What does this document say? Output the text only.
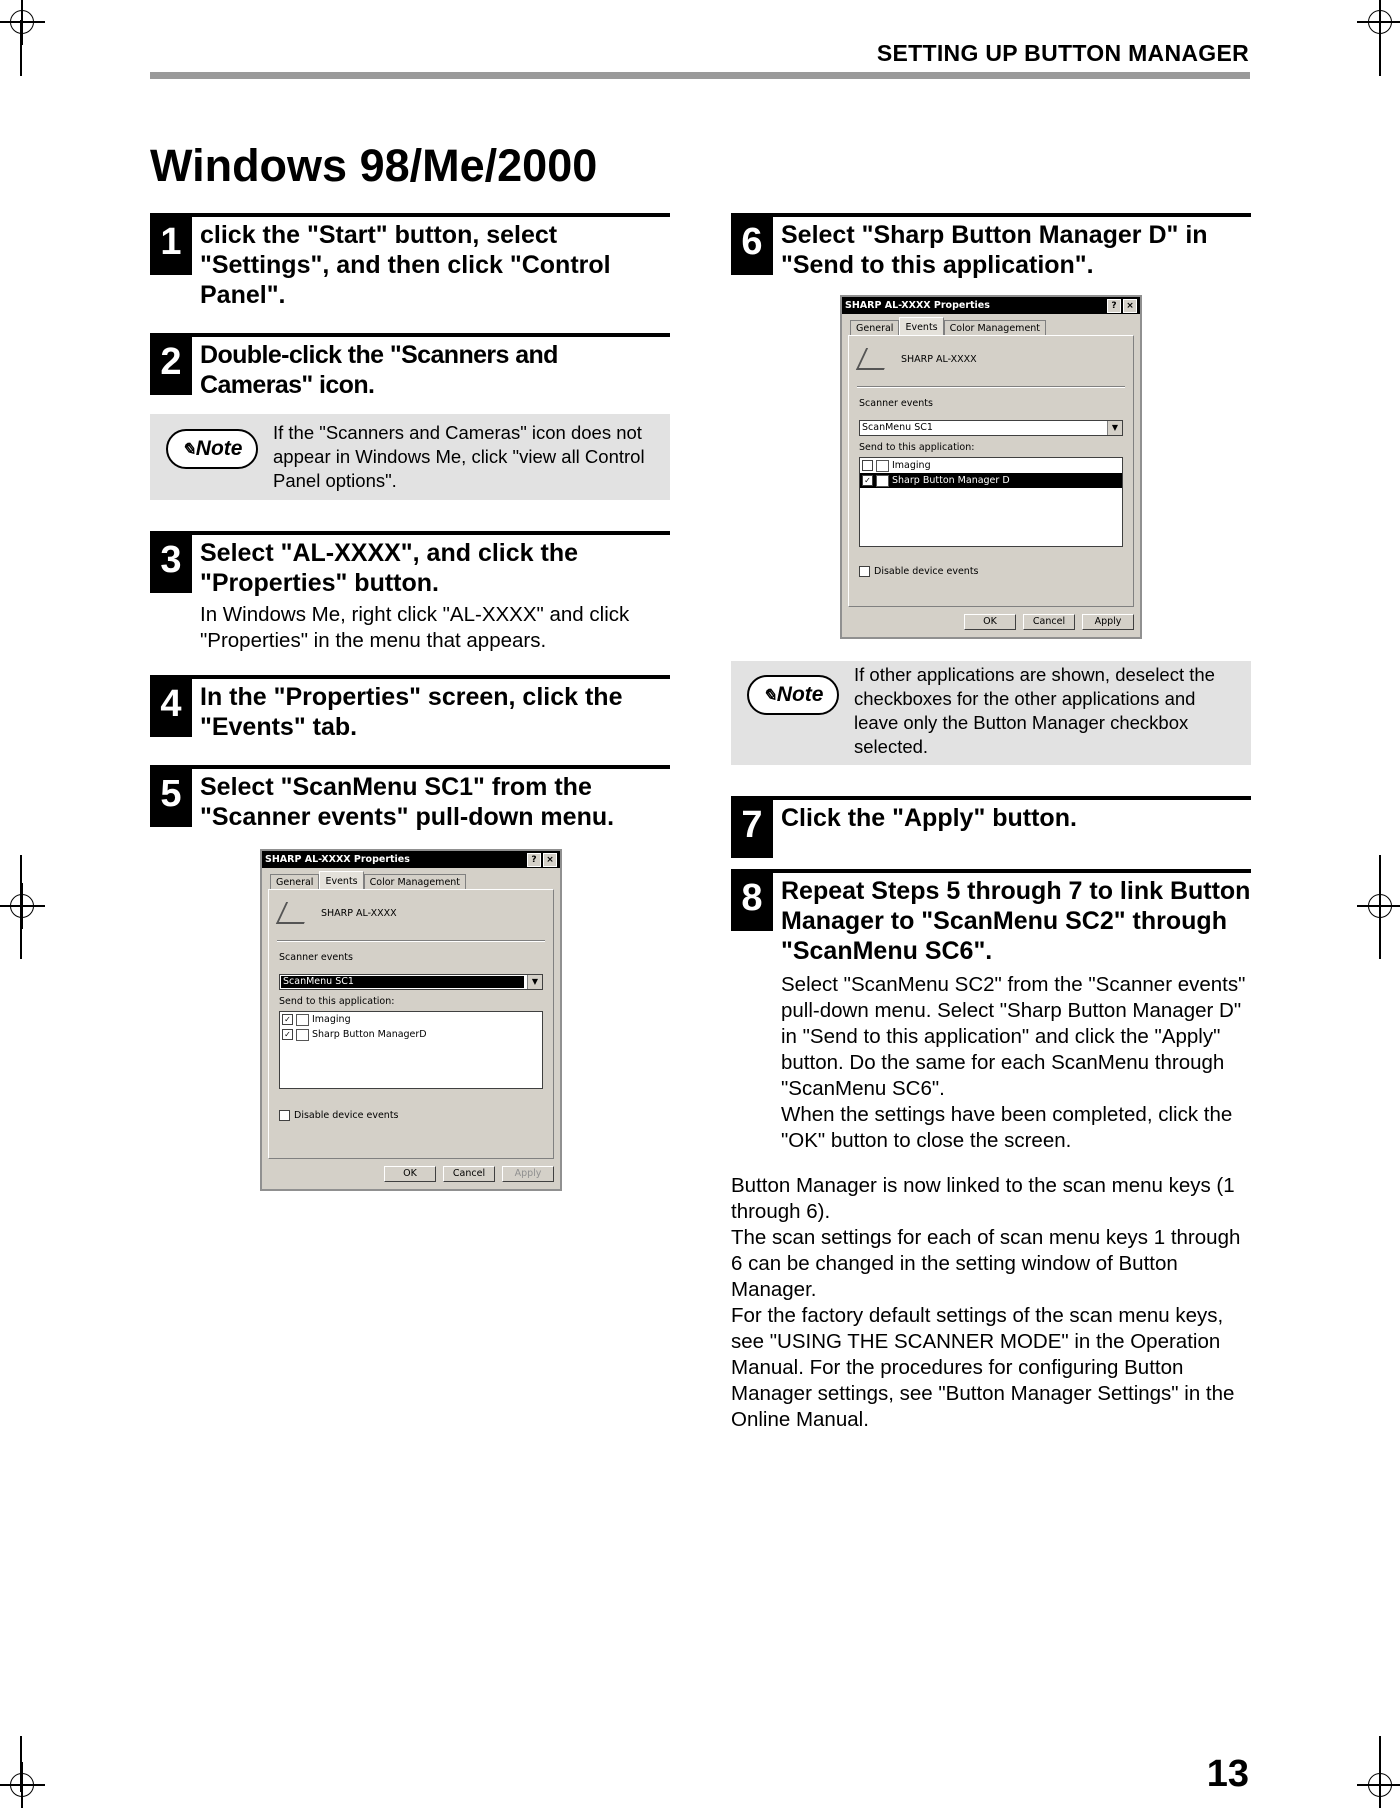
SETTING UP BUTTON MANAGER
Windows 98/Me/2000
1 click the "Start" button, select "Settings", and then click "Control Panel".
2 Double-click the "Scanners and Cameras" icon.
✎Note
If the "Scanners and Cameras" icon does not appear in Windows Me, click "view all Control Panel options".
3 Select "AL-XXXX", and click the "Properties" button.
In Windows Me, right click "AL-XXXX" and click "Properties" in the menu that appears.
4 In the "Properties" screen, click the "Events" tab.
5 Select "ScanMenu SC1" from the "Scanner events" pull-down menu.
SHARP AL-XXXX Properties	?	×
General	Events	Color Management
SHARP AL-XXXX
Scanner events
ScanMenu SC1	▼
Send to this application:
✓ Imaging
✓ Sharp Button ManagerD
Disable device events
OK	Cancel	Apply
6 Select "Sharp Button Manager D" in "Send to this application".
SHARP AL-XXXX Properties	?	×
General	Events	Color Management
SHARP AL-XXXX
Scanner events
ScanMenu SC1	▼
Send to this application:
Imaging
✓ Sharp Button Manager D
Disable device events
OK	Cancel	Apply
✎Note
If other applications are shown, deselect the checkboxes for the other applications and leave only the Button Manager checkbox selected.
7 Click the "Apply" button.
8 Repeat Steps 5 through 7 to link Button Manager to "ScanMenu SC2" through "ScanMenu SC6".
Select "ScanMenu SC2" from the "Scanner events" pull-down menu. Select "Sharp Button Manager D" in "Send to this application" and click the "Apply" button. Do the same for each ScanMenu through "ScanMenu SC6".
When the settings have been completed, click the "OK" button to close the screen.
Button Manager is now linked to the scan menu keys (1 through 6).
The scan settings for each of scan menu keys 1 through 6 can be changed in the setting window of Button Manager.
For the factory default settings of the scan menu keys, see "USING THE SCANNER MODE" in the Operation Manual. For the procedures for configuring Button Manager settings, see "Button Manager Settings" in the Online Manual.
13
